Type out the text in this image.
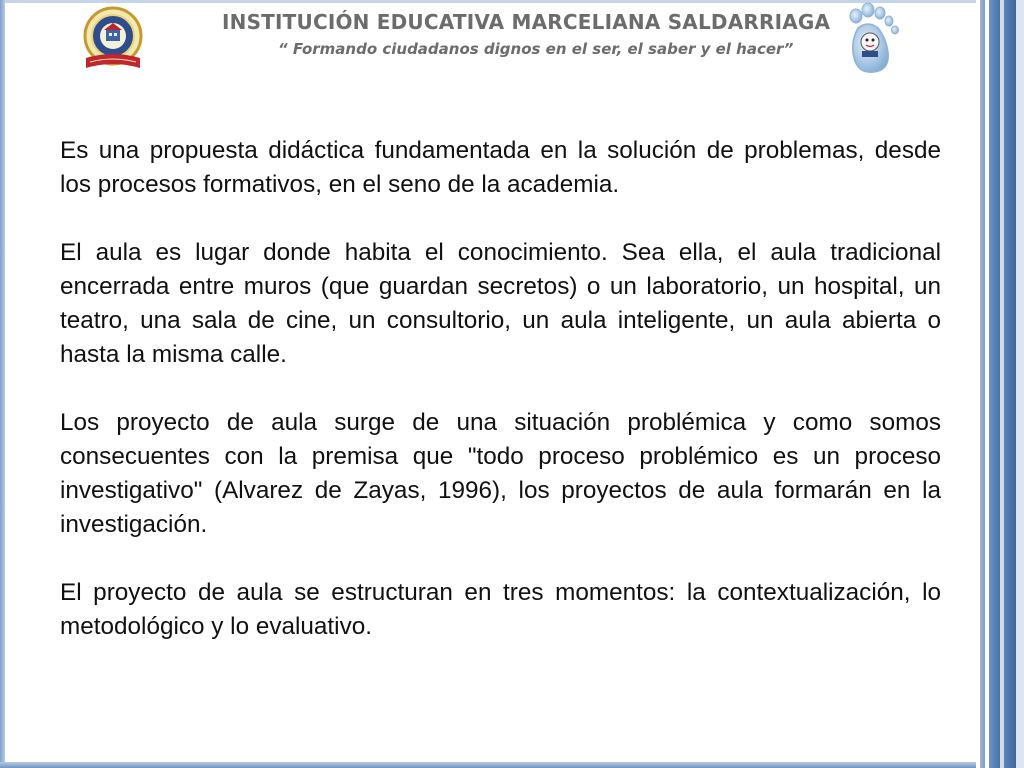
INSTITUCIÓN EDUCATIVA MARCELIANA SALDARRIAGA
“ Formando ciudadanos dignos en el ser, el saber y el hacer”

Es una propuesta didáctica fundamentada en la solución de problemas, desde los procesos formativos, en el seno de la academia.

El aula es lugar donde habita el conocimiento. Sea ella, el aula tradicional encerrada entre muros (que guardan secretos) o un laboratorio, un hospital, un teatro, una sala de cine, un consultorio, un aula inteligente, un aula abierta o hasta la misma calle.

Los proyecto de aula surge de una situación problémica y como somos consecuentes con la premisa que "todo proceso problémico es un proceso investigativo" (Alvarez de Zayas, 1996), los proyectos de aula formarán en la investigación.

El proyecto de aula se estructuran en tres momentos: la contextualización, lo metodológico y lo evaluativo.
